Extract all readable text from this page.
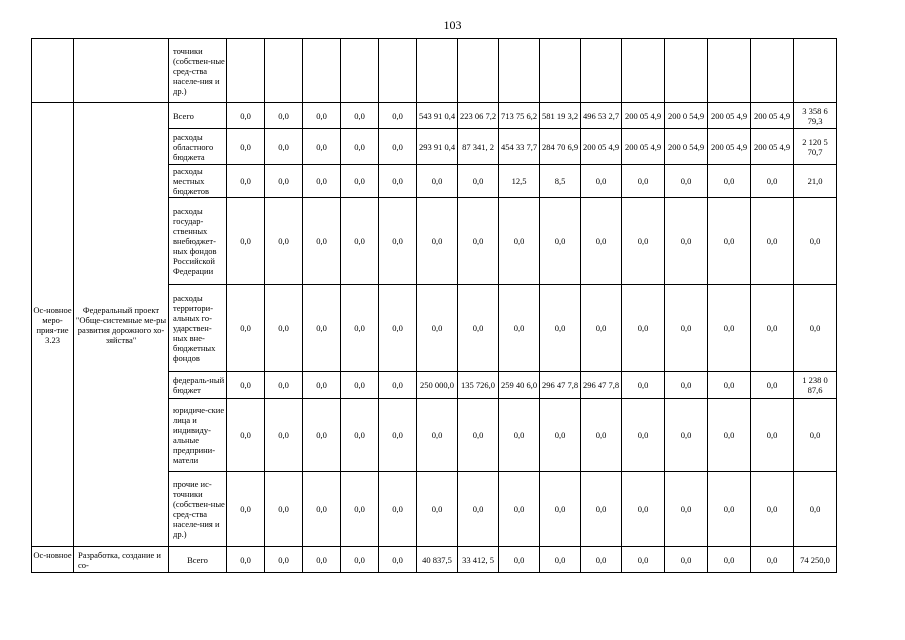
103
		точники (собствен-ные сред-ства населе-ния и др.)															
Ос-новное меро-прия-тие 3.23	Федеральный проект "Обще-системные ме-ры развития дорожного хо-зяйства"	Всего	0,0	0,0	0,0	0,0	0,0	543 91 0,4	223 06 7,2	713 75 6,2	581 19 3,2	496 53 2,7	200 05 4,9	200 0 54,9	200 05 4,9	200 05 4,9	3 358 6 79,3
		расходы областного бюджета	0,0	0,0	0,0	0,0	0,0	293 91 0,4	87 341, 2	454 33 7,7	284 70 6,9	200 05 4,9	200 05 4,9	200 0 54,9	200 05 4,9	200 05 4,9	2 120 5 70,7
		расходы местных бюджетов	0,0	0,0	0,0	0,0	0,0	0,0	0,0	12,5	8,5	0,0	0,0	0,0	0,0	0,0	21,0
		расходы государ-ственных внебюджет-ных фондов Российской Федерации	0,0	0,0	0,0	0,0	0,0	0,0	0,0	0,0	0,0	0,0	0,0	0,0	0,0	0,0	0,0
		расходы территори-альных го-ударствен-ных вне-бюджетных фондов	0,0	0,0	0,0	0,0	0,0	0,0	0,0	0,0	0,0	0,0	0,0	0,0	0,0	0,0	0,0
		федераль-ный бюджет	0,0	0,0	0,0	0,0	0,0	250 000,0	135 726,0	259 40 6,0	296 47 7,8	296 47 7,8	0,0	0,0	0,0	0,0	1 238 0 87,6
		юридиче-ские лица и индивиду-альные предприни-матели	0,0	0,0	0,0	0,0	0,0	0,0	0,0	0,0	0,0	0,0	0,0	0,0	0,0	0,0	0,0
		прочие ис-точники (собствен-ные сред-ства населе-ния и др.)	0,0	0,0	0,0	0,0	0,0	0,0	0,0	0,0	0,0	0,0	0,0	0,0	0,0	0,0	0,0
Ос-новное	Разработка, создание и со-	Всего	0,0	0,0	0,0	0,0	0,0	40 837,5	33 412, 5	0,0	0,0	0,0	0,0	0,0	0,0	0,0	74 250,0
